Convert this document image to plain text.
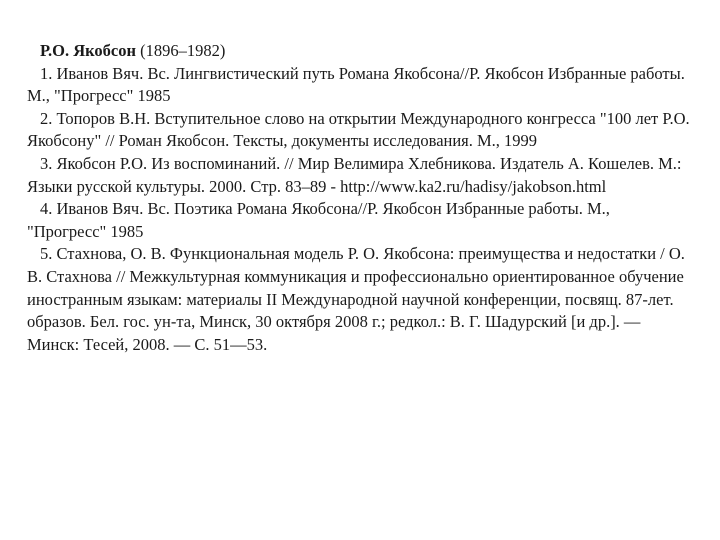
Р.О. Якобсон (1896–1982)

1. Иванов Вяч. Вс. Лингвистический путь Романа Якобсона//Р. Якобсон Избранные работы. М., "Прогресс" 1985

2. Топоров В.Н. Вступительное слово на открытии Международного конгресса "100 лет Р.О. Якобсону" // Роман Якобсон. Тексты, документы исследования. М., 1999

3. Якобсон Р.О. Из воспоминаний. // Мир Велимира Хлебникова. Издатель А. Кошелев. М.: Языки русской культуры. 2000. Стр. 83–89 - http://www.ka2.ru/hadisy/jakobson.html

4. Иванов Вяч. Вс. Поэтика Романа Якобсона//Р. Якобсон Избранные работы. М., "Прогресс" 1985

5. Стахнова, О. В. Функциональная модель Р. О. Якобсона: преимущества и недостатки / О. В. Стахнова // Межкультурная коммуникация и профессионально ориентированное обучение иностранным языкам: материалы II Международной научной конференции, посвящ. 87-лет. образов. Бел. гос. ун-та, Минск, 30 октября 2008 г.; редкол.: В. Г. Шадурский [и др.]. — Минск: Тесей, 2008. — С. 51—53.
